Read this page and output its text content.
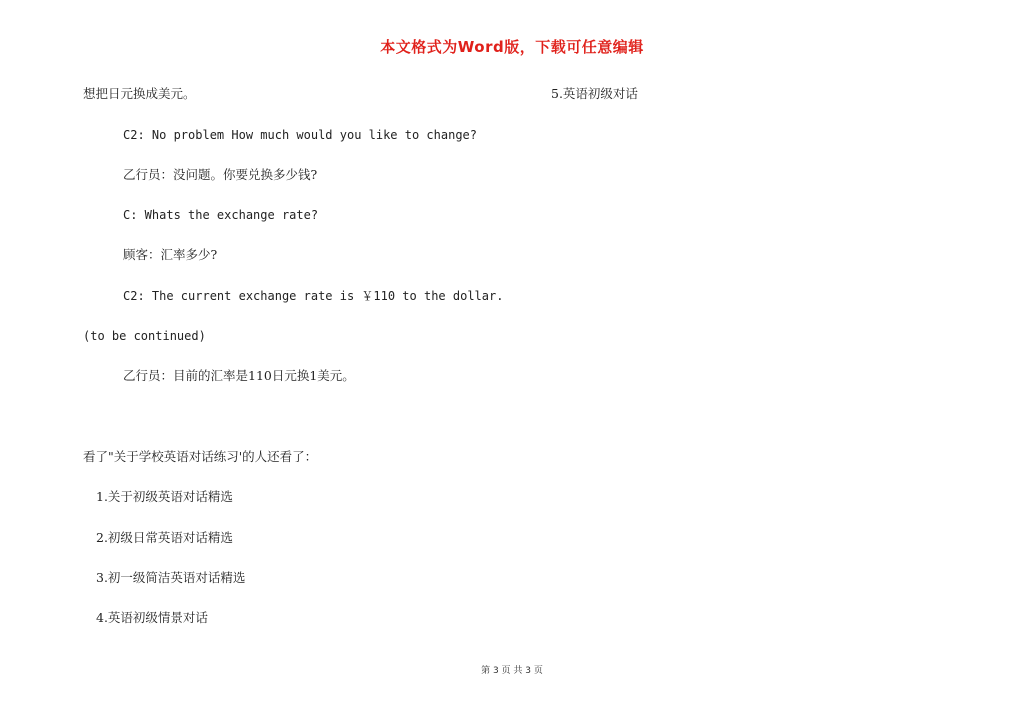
本文格式为Word版，下载可任意编辑
想把日元换成美元。	5.英语初级对话
C2: No problem How much would you like to change?
乙行员：没问题。你要兑换多少钱?
C: Whats the exchange rate?
顾客：汇率多少?
C2: The current exchange rate is ￥110 to the dollar.
(to be continued)
乙行员：目前的汇率是110日元换1美元。
看了"关于学校英语对话练习'的人还看了：
1.关于初级英语对话精选
2.初级日常英语对话精选
3.初一级简洁英语对话精选
4.英语初级情景对话
第 3 页 共 3 页
